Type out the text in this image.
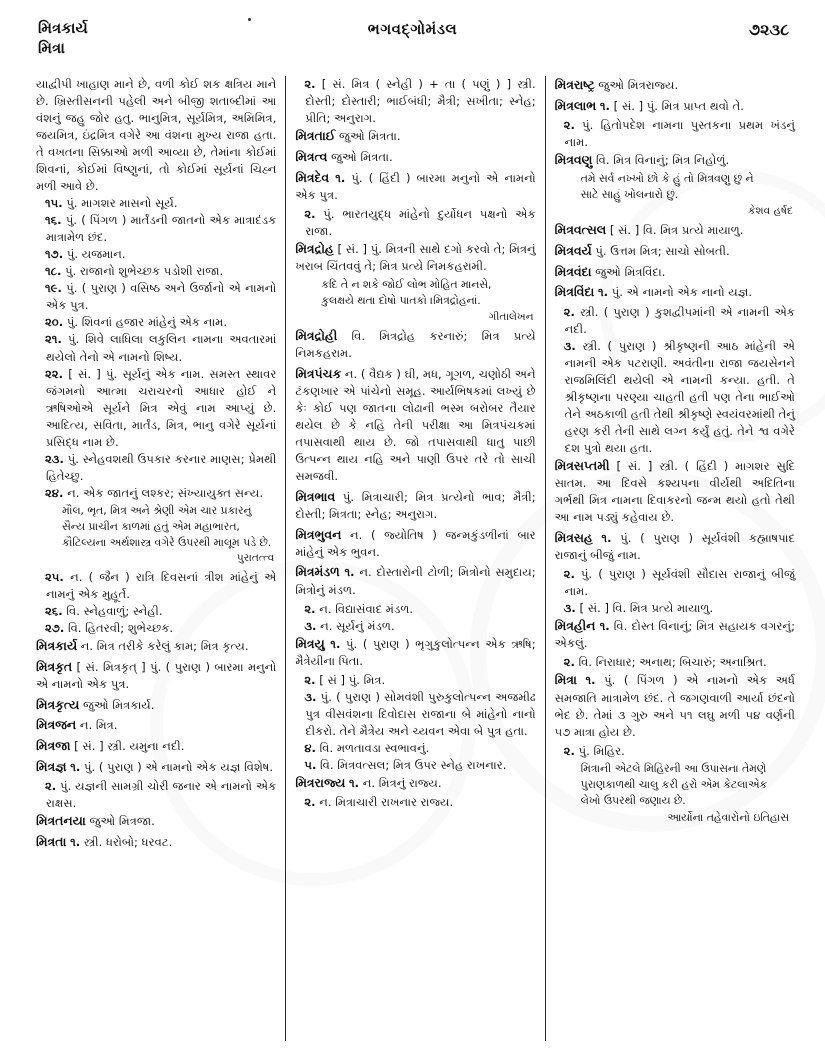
મિત્રકાર્ય
મિત્રા
ભગવદ્ગોમંડલ	૭૨૩૮
યાદ્વીપી ખાહાણ માને છે, વળી કોઈ શક ક્ષત્રિય માને છે. ખ્રિસ્તીસનની પહેલી અને બીજી શતાબ્દીમાં આ વંશનું જહુ જોર હતુ. ભાનુમિત્ર, સૂર્યમિત્ર, અમિમિત્ર, જયમિત્ર, ઇંદ્રમિત્ર વગેરે આ વંશના મુખ્ય રાજા હતા. તે વખતના સિક્કાઓ મળી આવ્યા છે, તેમાંના કોઈમાં શિવનાં, કોઈમાં વિષ્ણુનાં, તો કોઈમાં સૂર્યનાં ચિહ્ન મળી આવે છે.
૧૫. પું. માગશર માસનો સૂર્ય.
૧૬. પું. ( પિંગળ ) માર્તંડની જાતનો એક માત્રાદંડક માત્રામેળ છંદ.
૧૭. પું. યજમાન.
૧૮. પું. રાજાનો શુભેચ્છક પડોશી રાજા.
૧૯. પું. ( પુરાણ ) વસિષ્ઠ અને ઉર્જાનો એ નામનો એક પુત્ર.
૨૦. પું. શિવનાં હજાર માંહેનું એક નામ.
૨૧. પું. શિવે લાધિલા લકુલિન નામના અવતારમાં થયેલો તેનો એ નામનો શિષ્ય.
૨૨. [ સં. ] પું. સૂર્યનું એક નામ. સમસ્ત સ્થાવર જંગમનો આત્મા ચરાચરનો આધાર હોઈ ને ઋષિઓએ સૂર્યને મિત્ર એવું નામ આપ્યું છે. આદિત્ય, સવિતા, માર્તંડ, મિત્ર, ભાનુ વગેરે સૂર્યનાં પ્રસિદ્ધ નામ છે.
૨૩. પું. સ્નેહવશથી ઉપકાર કરનાર માણસ; પ્રેમથી હિતેચ્છુ.
૨૪. ન. એક જાતનું લશ્કર; સંખ્યાયુક્ત સન્ય.
મૌલ, ભૃત, મિત્ર અને શ્રેણી એમ ચાર પ્રકારનું
સૈન્ય પ્રાચીન કાળમાં હતું એમ મહાભારત,
કૌટિલ્યના અર્થશાસ્ત્ર વગેરે ઉપરથી માલૂમ પડે છે.
પુરાતત્ત્વ
૨૫. ન. ( જૈન ) રાત્રિ દિવસનાં ત્રીશ માંહેનું એ નામનું એક મુહૂર્ત.
૨૬. વિ. સ્નેહવાળું; સ્નેહી.
૨૭. વિ. હિતરવી; શુભેચ્છક.
મિત્રકાર્ય ન. મિત્ર તરીકે કરેલું કામ; મિત્ર કૃત્ય.
મિત્રકૃત [ સં. મિત્રકૃત્ ] પું. ( પુરાણ ) બારમા મનુનો એ નામનો એક પુત્ર.
મિત્રકૃત્ય જુઓ મિત્રકાર્ય.
મિત્રજન ન. મિત્ર.
મિત્રજા [ સં. ] સ્ત્રી. યમુના નદી.
મિત્રજ્ઞ ૧. પું. ( પુરાણ ) એ નામનો એક યજ્ઞ વિશેષ.
૨. પું. યજ્ઞની સામગ્રી ચોરી જનાર એ નામનો એક રાક્ષસ.
મિત્રતનયા જુઓ મિત્રજા.
મિત્રતા ૧. સ્ત્રી. ધરોબો; ધરવટ.
૨. [ સં. મિત્ર ( સ્નેહી ) + તા ( પણું ) ] સ્ત્રી. દોસ્તી; દોસ્તારી; ભાઈબંધી; મૈત્રી; સખીતા; સ્નેહ; પ્રીતિ; અનુરાગ.
મિત્રતાઈ જુઓ મિત્રતા.
મિત્રત્વ જુઓ મિત્રતા.
મિત્રદેવ ૧. પું. ( હિંદી ) બારમા મનુનો એ નામનો એક પુત્ર.
૨. પું. ભારતયુદ્ધ માંહેનો દુર્યોધન પક્ષનો એક રાજા.
મિત્રદ્રોહ [ સં. ] પું. મિત્રની સાથે દગો કરવો તે; મિત્રનું ખરાબ ચિંતવવું તે; મિત્ર પ્રત્યે નિમકહરામી.
કદિ તે ન શકે જોઈ લોભ મોહિત માનસે,
કુલક્ષયે થતા દોષો પાતકો ।મિત્રદ્રોહનાં.
ગીતાલેખન
મિત્રદ્રોહી વિ. મિત્રદ્રોહ કરનારું; મિત્ર પ્રત્યે નિમકહરામ.
મિત્રપંચક ન. ( વૈદ્યક ) ઘી, મધ, ગૂગળ, ચણોઠી અને ટંકણખાર એ પાંચેનો સમૂહ. આર્યભિષકમાં લખ્યું છે કેઃ કોઈ પણ જાતના લોઢાની ભસ્મ બરોબર તૈયાર થયેલ છે કે નહિ તેની પરીક્ષા આ મિત્રપંચકમાં તપાસવાથી થાય છે. જો તપાસવાથી ધાતુ પાછી ઉત્પન્ન થાય નહિ અને પાણી ઉપર તરે તો સાચી સમજવી.
મિત્રભાવ પું. મિત્રાચારી; મિત્ર પ્રત્યેનો ભાવ; મૈત્રી; દોસ્તી; મિત્રતા; સ્નેહ; અનુરાગ.
મિત્રભુવન ન. ( જ્યોતિષ ) જન્મકુંડળીનાં બાર માંહેનું એક ભુવન.
મિત્રમંડળ ૧. ન. દોસ્તારોની ટોળી; મિત્રોનો સમુદાય; મિત્રોનું મંડળ.
૨. ન. વિદ્યાસંવાદ મંડળ.
૩. ન. સૂર્યનું મંડળ.
મિત્રયુ ૧. પું. ( પુરાણ ) ભૃગુકુલોત્પન્ન એક ઋષિ; મૈત્રેયીના પિતા.
૨. [ સં ] પું. મિત્ર.
૩. પું. ( પુરાણ ) સોમવંશી પુરુકુલોત્પન્ન અજમીઢ પુત્ર વીસવંશના દિવોદાસ રાજાના બે માંહેનો નાનો દીકરો. તેને મૈત્રેય અને ચ્યવન એવા બે પુત્ર હતા.
૪. વિ. મળતાવડા સ્વભાવનું.
૫. વિ. મિત્રવત્સલ; મિત્ર ઉપર સ્નેહ રાખનાર.
મિત્રરાજ્ય ૧. ન. મિત્રનું રાજ્ય.
૨. ન. મિત્રાચારી રાખનાર રાજ્ય.
મિત્રરાષ્ટ્ર જુઓ મિત્રરાજ્ય.
મિત્રલાભ ૧. [ સં. ] પું. મિત્ર પ્રાપ્ત થવો તે.
૨. પું. હિતોપદેશ નામના પુસ્તકના પ્રથમ ખંડનું નામ.
મિત્રવણુ વિ. મિત્ર વિનાનું; મિત્ર નિહોળું.
તમે સર્વ નખ્ખો છો કે હું તો મિત્રવણુ છું ને
સાટે સાહું ખોલનારો છું.
કેશવ હર્ષદ
મિત્રવત્સલ [ સં. ] વિ. મિત્ર પ્રત્યે માયાળુ.
મિત્રવર્ય પું. ઉત્તમ મિત્ર; સાચો સોબતી.
મિત્રવંદા જુઓ મિત્રવિંદા.
મિત્રવિંદા ૧. પું. એ નામનો એક નાનો યજ્ઞ.
૨. સ્ત્રી. ( પુરાણ ) કુશદ્વીપમાંની એ નામની એક નદી.
૩. સ્ત્રી. ( પુરાણ ) શ્રીકૃષ્ણની આઠ માંહેની એ નામની એક પટરાણી. અવંતીના રાજા જયસેનને રાજમિલિંદી થયેલી એ નામની કન્યા. હતી. તે શ્રીકૃષ્ણના પરણ્યા ચાહતી હતી પણ તેના ભાઈઓ તેને અઠકાળી હતી તેથી શ્રીકૃષ્ણે સ્વયંવરમાંથી તેનું હરણ કરી તેની સાથે લગ્ન કર્યું હતું. તેને શ્વ વગેરે દશ પુત્રો થયા હતા.
મિત્રસપ્તમી [ સં. ] સ્ત્રી. ( હિંદી ) માગશર સુદિ સાતમ. આ દિવસે કશ્યપના વીર્યથી અદિતિના ગર્ભથી મિત્ર નામના દિવાકરનો જન્મ થયો હતો તેથી આ નામ પડ્યું કહેવાય છે.
મિત્રસહ ૧. પું. ( પુરાણ ) સૂર્યવંશી કહ્માષપાદ રાજાનું બીજું નામ.
૨. પું. ( પુરાણ ) સૂર્યવંશી સૌદાસ રાજાનું બીજું નામ.
૩. [ સં. ] વિ. મિત્ર પ્રત્યે માયાળુ.
મિત્રહીન ૧. વિ. દોસ્ત વિનાનું; મિત્ર સહાયક વગરનું; એકલું.
૨. વિ. નિરાધાર; અનાથ; બિચારું; અનાશ્રિત.
મિત્રા ૧. પું. ( પિંગળ ) એ નામનો એક અર્ધ સમજાતિ માત્રામેળ છંદ. તે જગણવાળી આર્યા છંદનો ભેદ છે. તેમાં ૩ ગુરુ અને ૫૧ લઘુ મળી ૫૪ વર્ણની ૫૭ માત્રા હોય છે.
૨. પું. મિહિર.
મિત્રાની એટલે મિહિરની આ ઉપાસના તેમણે
પુરાણકાળથી ચાલુ કરી હરો એમ કેટલાએક
લેખો ઉપરથી જણાય છે.
આર્યોના તહેવારોનો ઇતિહાસ
